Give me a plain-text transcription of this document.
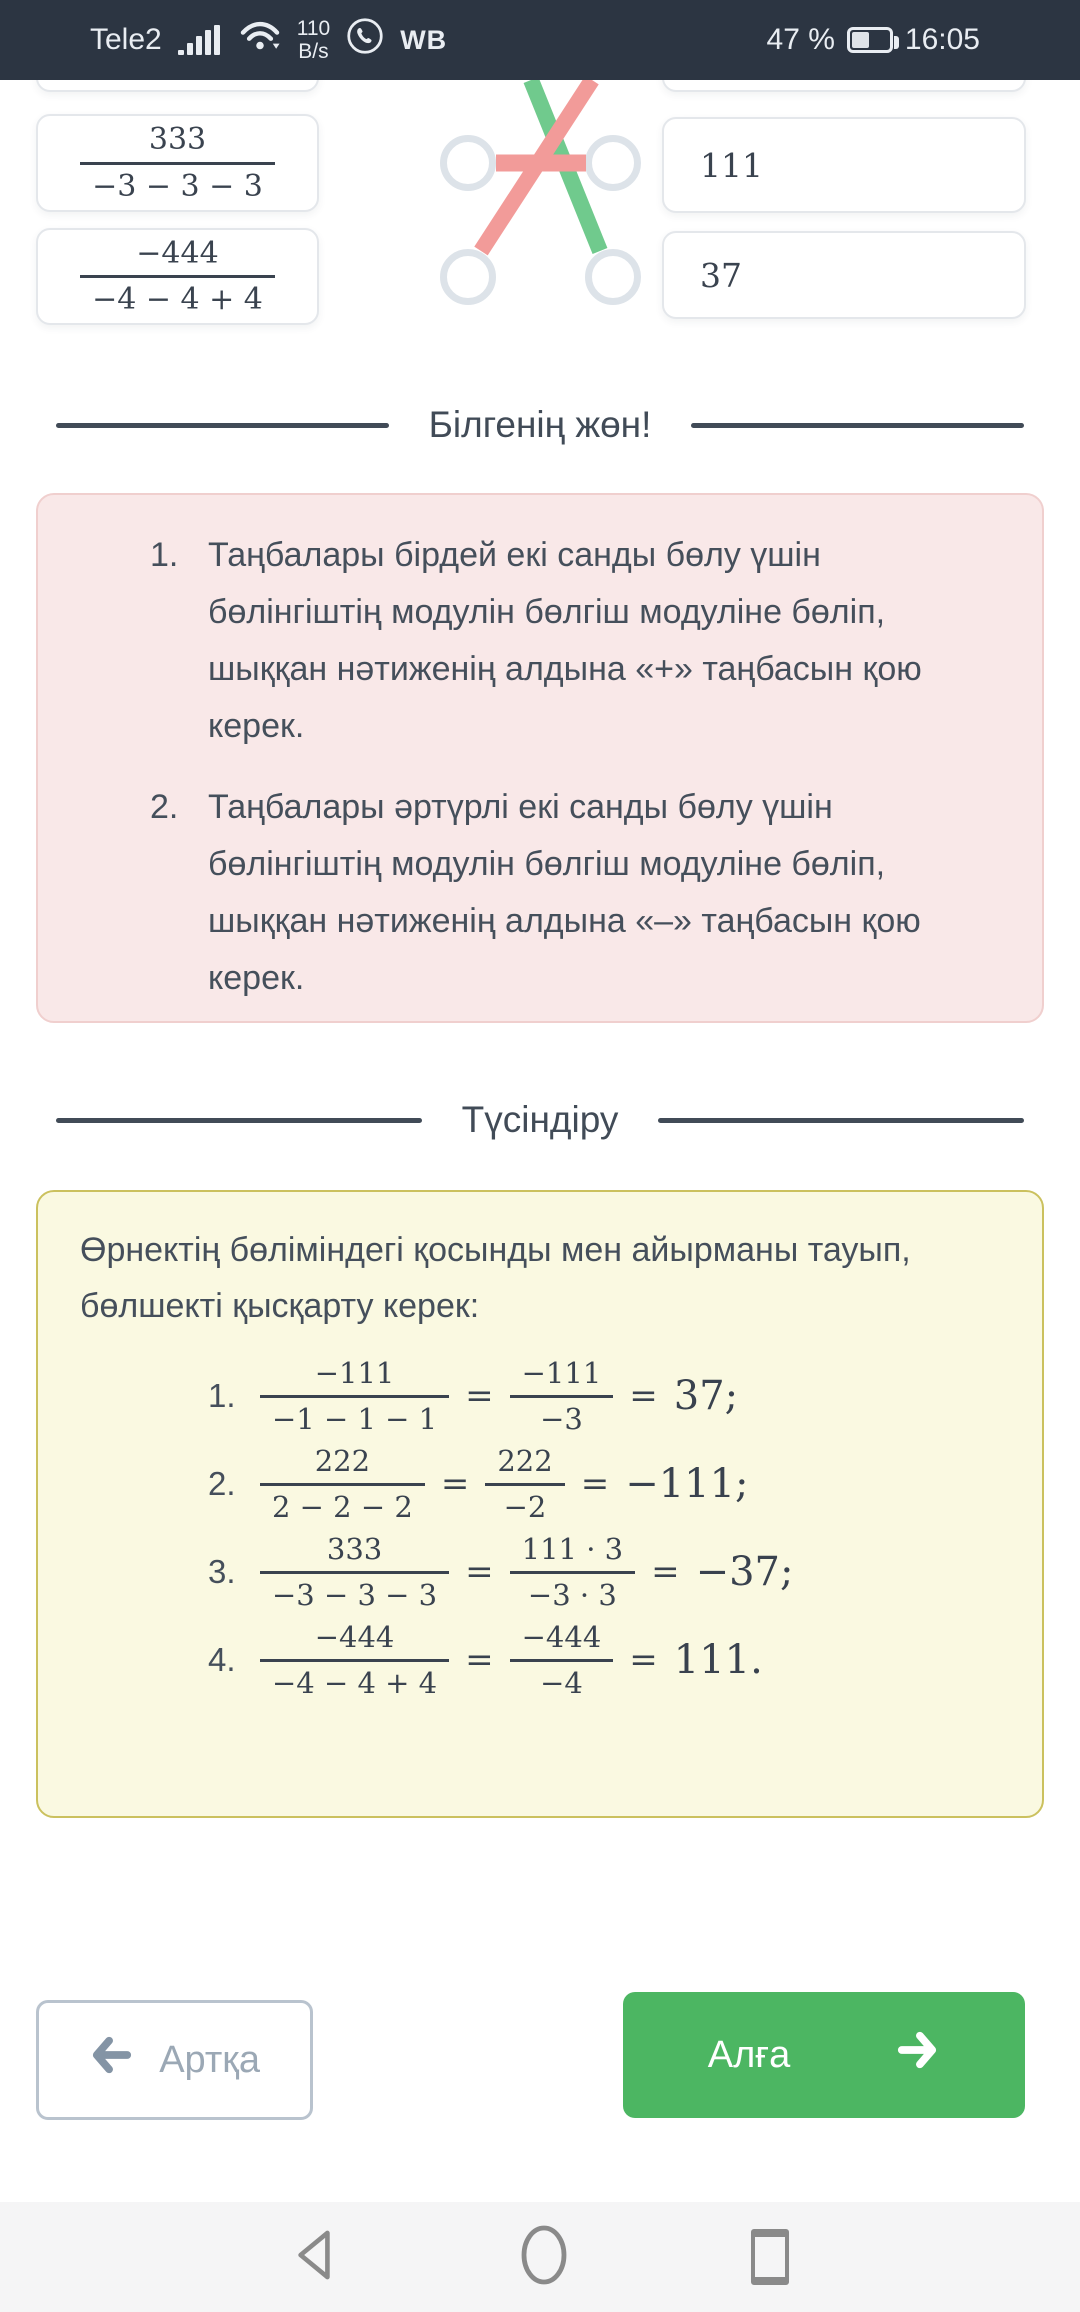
Tele2	110
B/s	WB	47 % 16:05
$\frac{333}{-3 - 3 - 3}$
$\frac{-444}{-4 - 4 + 4}$
111
37
Білгенің жөн!
1. Таңбалары бірдей екі санды бөлу үшін бөлінгіштің модулін бөлгіш модуліне бөліп, шыққан нәтиженің алдына «+» таңбасын қою керек.
2. Таңбалары әртүрлі екі санды бөлу үшін бөлінгіштің модулін бөлгіш модуліне бөліп, шыққан нәтиженің алдына «–» таңбасын қою керек.
Түсіндіру

Өрнектің бөліміндегі қосынды мен айырманы тауып, бөлшекті қысқарту керек:

1. $\frac{-111}{-1 - 1 - 1} = \frac{-111}{-3} = 37$;
2. $\frac{222}{2 - 2 - 2} = \frac{222}{-2} = -111$;
3. $\frac{333}{-3 - 3 - 3} = \frac{111 \cdot 3}{-3 \cdot 3} = -37$;
4. $\frac{-444}{-4 - 4 + 4} = \frac{-444}{-4} = 111$.
Артқа	Алға
